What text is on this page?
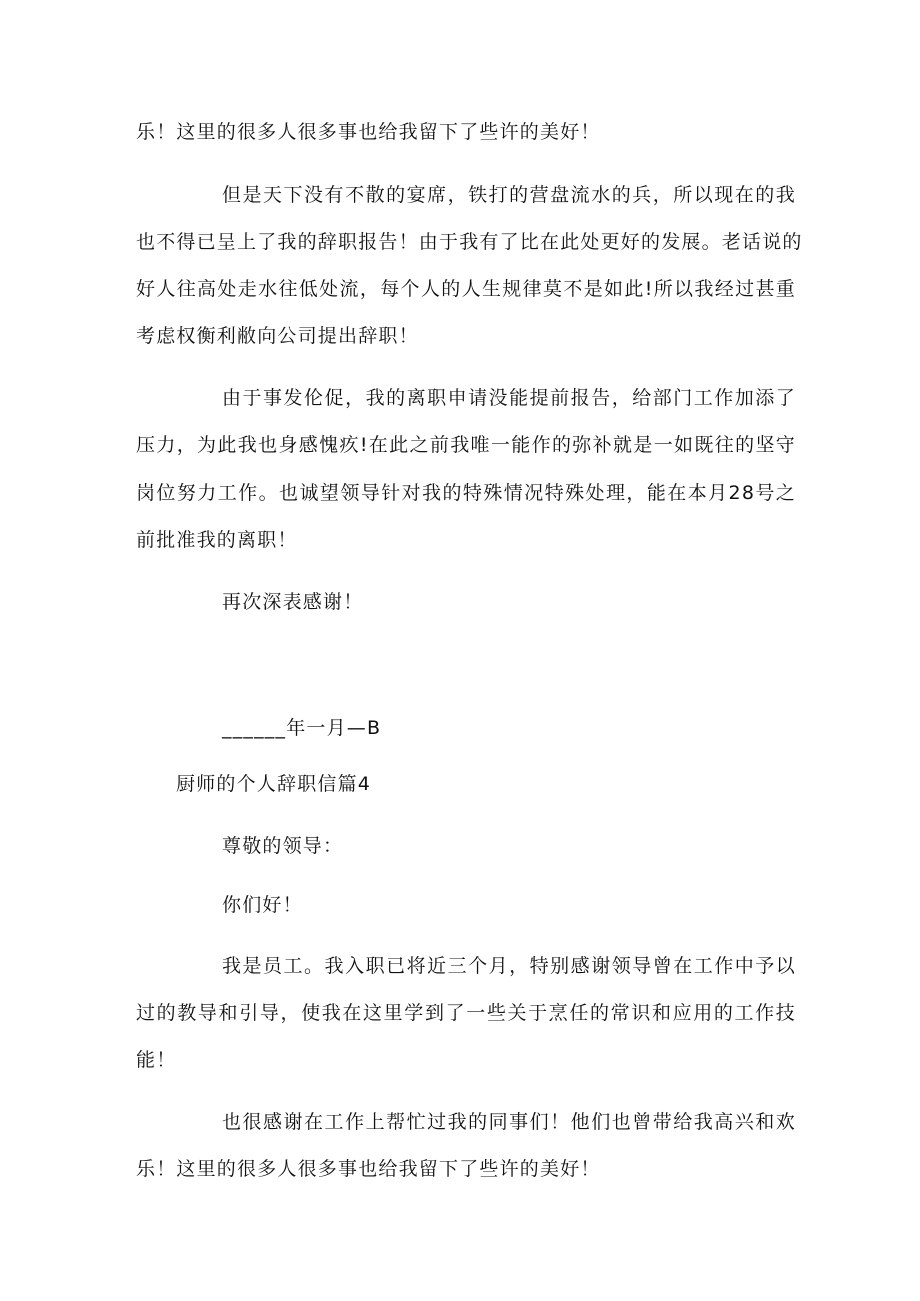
乐！这里的很多人很多事也给我留下了些许的美好！
但是天下没有不散的宴席，铁打的营盘流水的兵，所以现在的我
也不得已呈上了我的辞职报告！由于我有了比在此处更好的发展。老话说的
好人往高处走水往低处流，每个人的人生规律莫不是如此!所以我经过甚重
考虑权衡利敝向公司提出辞职！
由于事发伦促，我的离职申请没能提前报告，给部门工作加添了
压力，为此我也身感愧疚!在此之前我唯一能作的弥补就是一如既往的坚守
岗位努力工作。也诚望领导针对我的特殊情况特殊处理，能在本月28号之
前批准我的离职！
再次深表感谢！
______年一月—B
厨师的个人辞职信篇4
尊敬的领导：
你们好！
我是员工。我入职已将近三个月，特别感谢领导曾在工作中予以
过的教导和引导，使我在这里学到了一些关于烹任的常识和应用的工作技
能！
也很感谢在工作上帮忙过我的同事们！他们也曾带给我高兴和欢
乐！这里的很多人很多事也给我留下了些许的美好！
